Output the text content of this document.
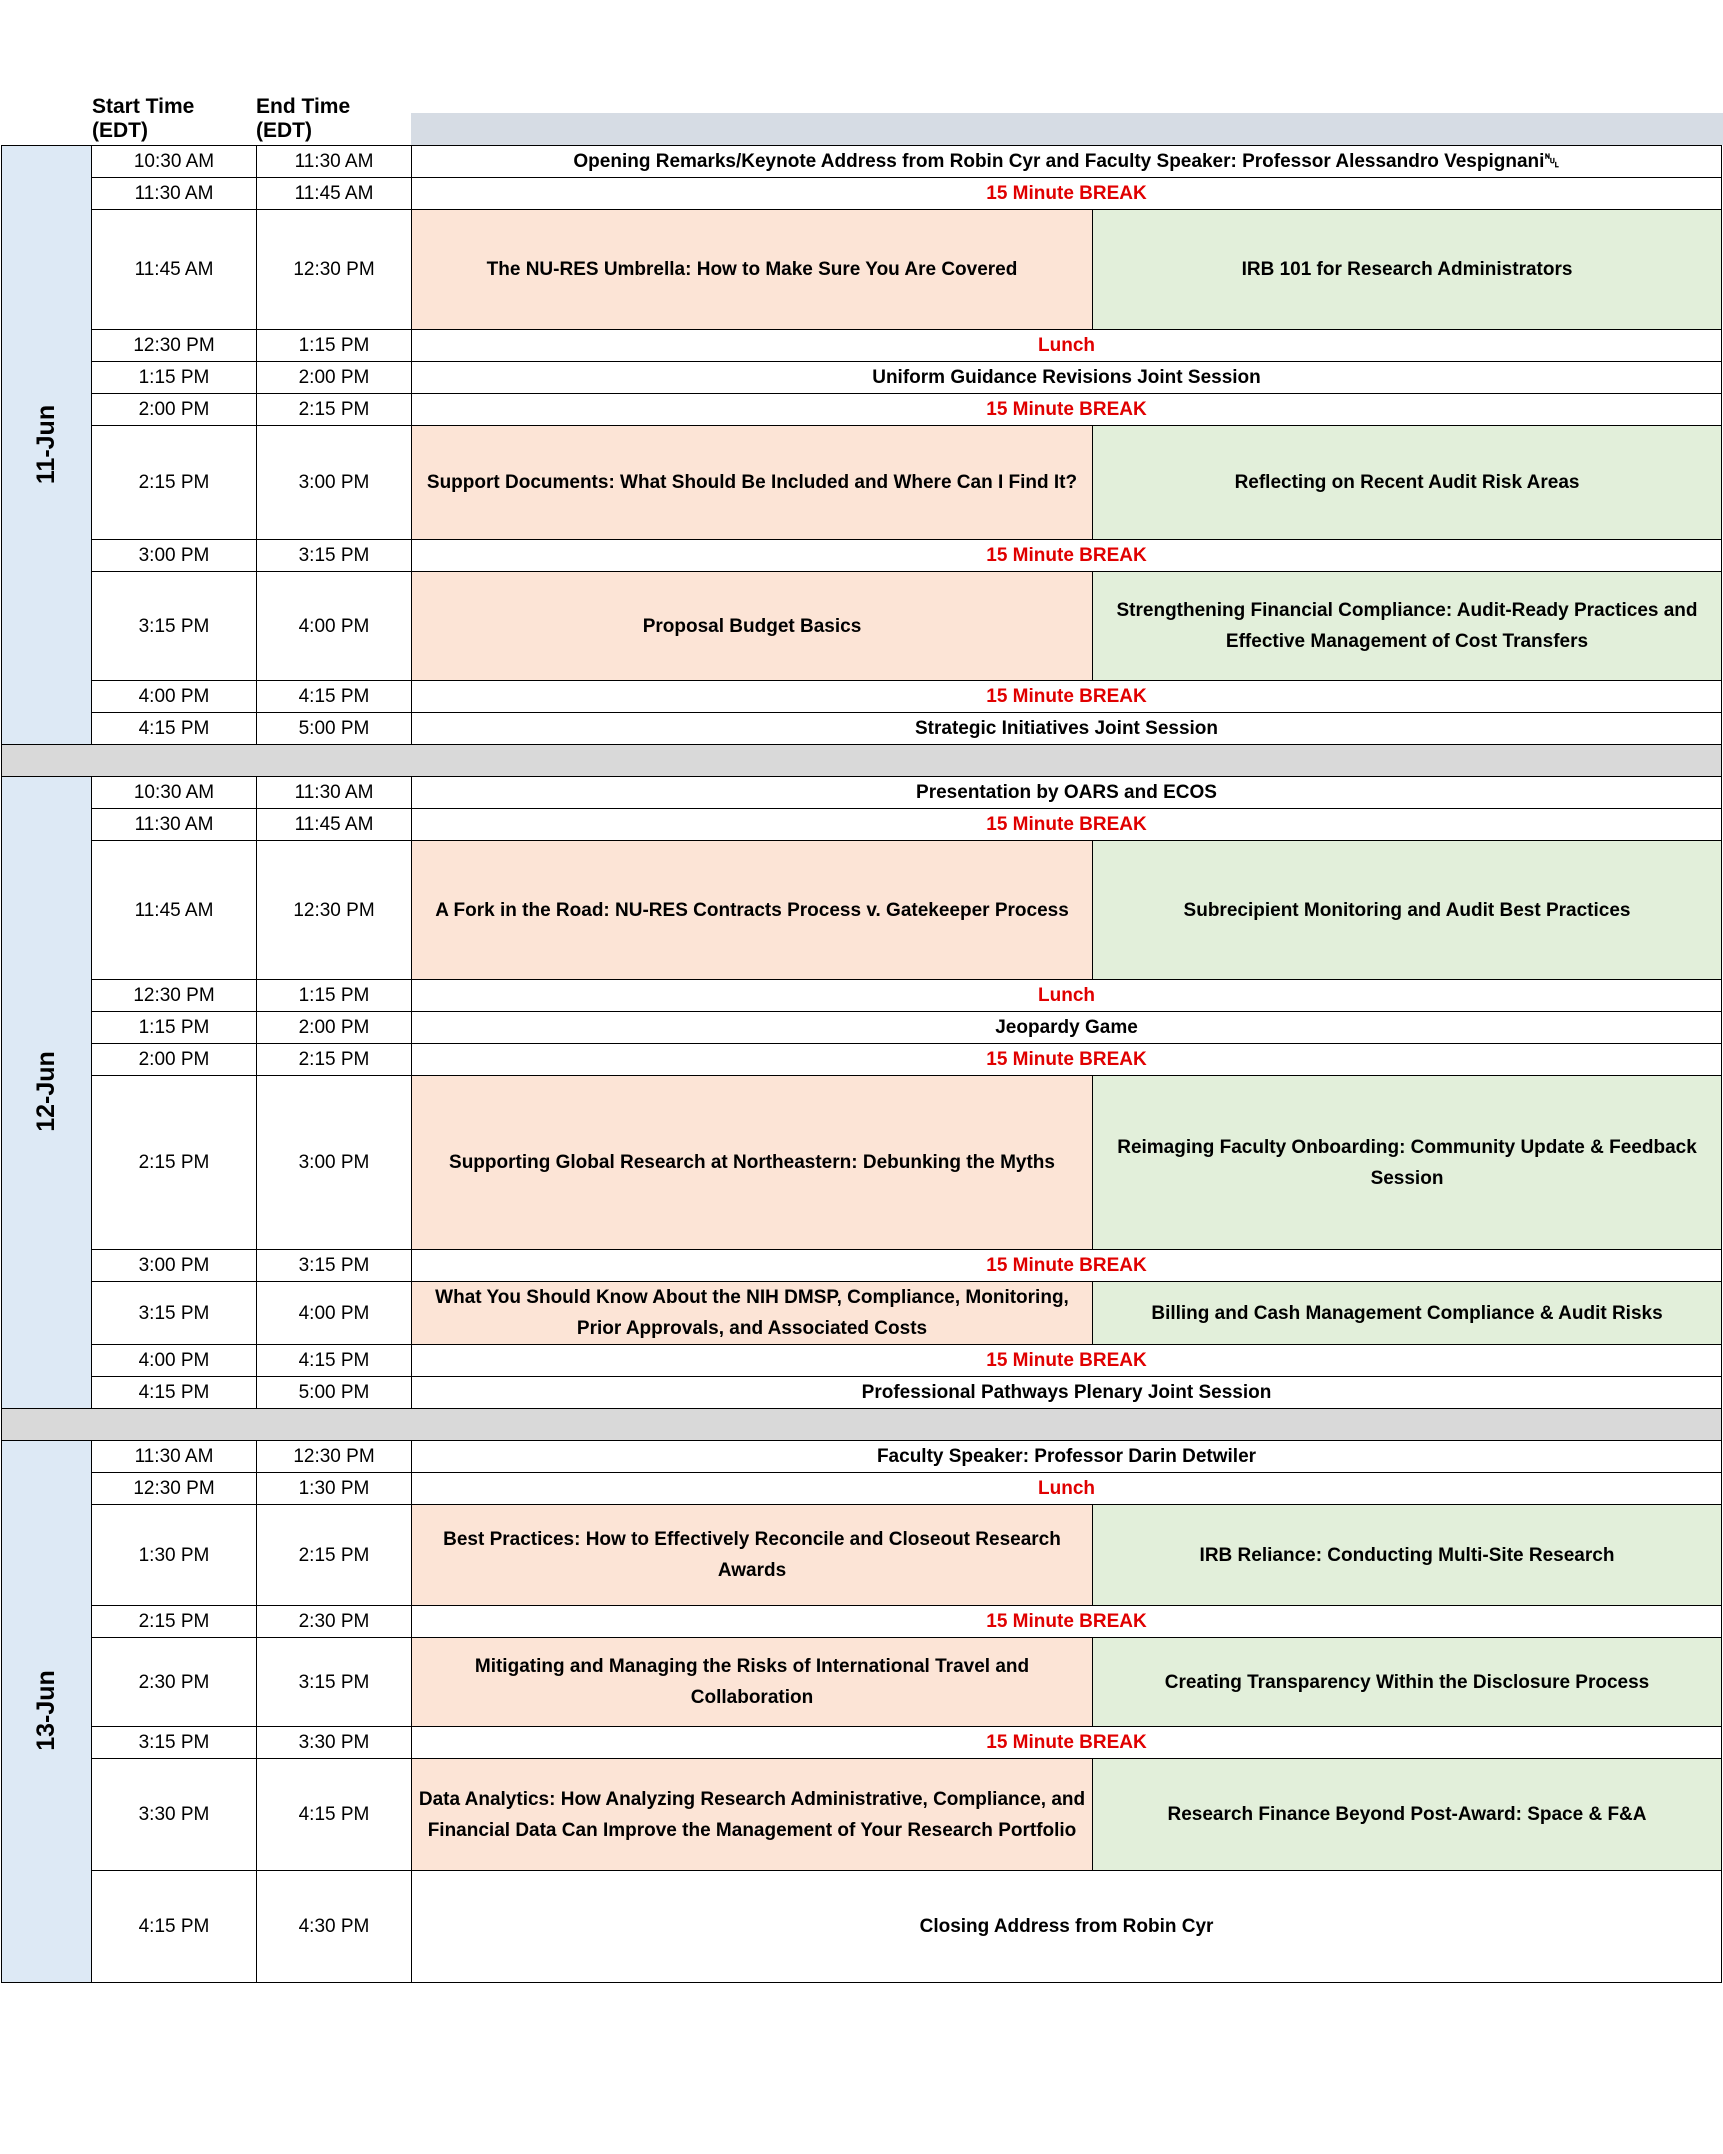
Start Time (EDT)
End Time (EDT)
11-Jun	10:30 AM	11:30 AM	Opening Remarks/Keynote Address from Robin Cyr and Faculty Speaker: Professor Alessandro Vespignani␀	
	11:30 AM	11:45 AM	15 Minute BREAK	
	11:45 AM	12:30 PM	The NU-RES Umbrella: How to Make Sure You Are Covered	IRB 101 for Research Administrators
	12:30 PM	1:15 PM	Lunch	
	1:15 PM	2:00 PM	Uniform Guidance Revisions Joint Session	
	2:00 PM	2:15 PM	15 Minute BREAK	
	2:15 PM	3:00 PM	Support Documents: What Should Be Included and Where Can I Find It?	Reflecting on Recent Audit Risk Areas
	3:00 PM	3:15 PM	15 Minute BREAK	
	3:15 PM	4:00 PM	Proposal Budget Basics	Strengthening Financial Compliance: Audit-Ready Practices and Effective Management of Cost Transfers
	4:00 PM	4:15 PM	15 Minute BREAK	
	4:15 PM	5:00 PM	Strategic Initiatives Joint Session	

12-Jun	10:30 AM	11:30 AM	Presentation by OARS and ECOS	
	11:30 AM	11:45 AM	15 Minute BREAK	
	11:45 AM	12:30 PM	A Fork in the Road: NU-RES Contracts Process v. Gatekeeper Process	Subrecipient Monitoring and Audit Best Practices
	12:30 PM	1:15 PM	Lunch	
	1:15 PM	2:00 PM	Jeopardy Game	
	2:00 PM	2:15 PM	15 Minute BREAK	
	2:15 PM	3:00 PM	Supporting Global Research at Northeastern: Debunking the Myths	Reimaging Faculty Onboarding: Community Update & Feedback Session
	3:00 PM	3:15 PM	15 Minute BREAK	
	3:15 PM	4:00 PM	What You Should Know About the NIH DMSP, Compliance, Monitoring, Prior Approvals, and Associated Costs	Billing and Cash Management Compliance & Audit Risks
	4:00 PM	4:15 PM	15 Minute BREAK	
	4:15 PM	5:00 PM	Professional Pathways Plenary Joint Session	

13-Jun	11:30 AM	12:30 PM	Faculty Speaker: Professor Darin Detwiler	
	12:30 PM	1:30 PM	Lunch	
	1:30 PM	2:15 PM	Best Practices: How to Effectively Reconcile and Closeout Research Awards	IRB Reliance: Conducting Multi-Site Research
	2:15 PM	2:30 PM	15 Minute BREAK	
	2:30 PM	3:15 PM	Mitigating and Managing the Risks of International Travel and Collaboration	Creating Transparency Within the Disclosure Process
	3:15 PM	3:30 PM	15 Minute BREAK	
	3:30 PM	4:15 PM	Data Analytics: How Analyzing Research Administrative, Compliance, and Financial Data Can Improve the Management of Your Research Portfolio	Research Finance Beyond Post-Award: Space & F&A
	4:15 PM	4:30 PM	Closing Address from Robin Cyr	
